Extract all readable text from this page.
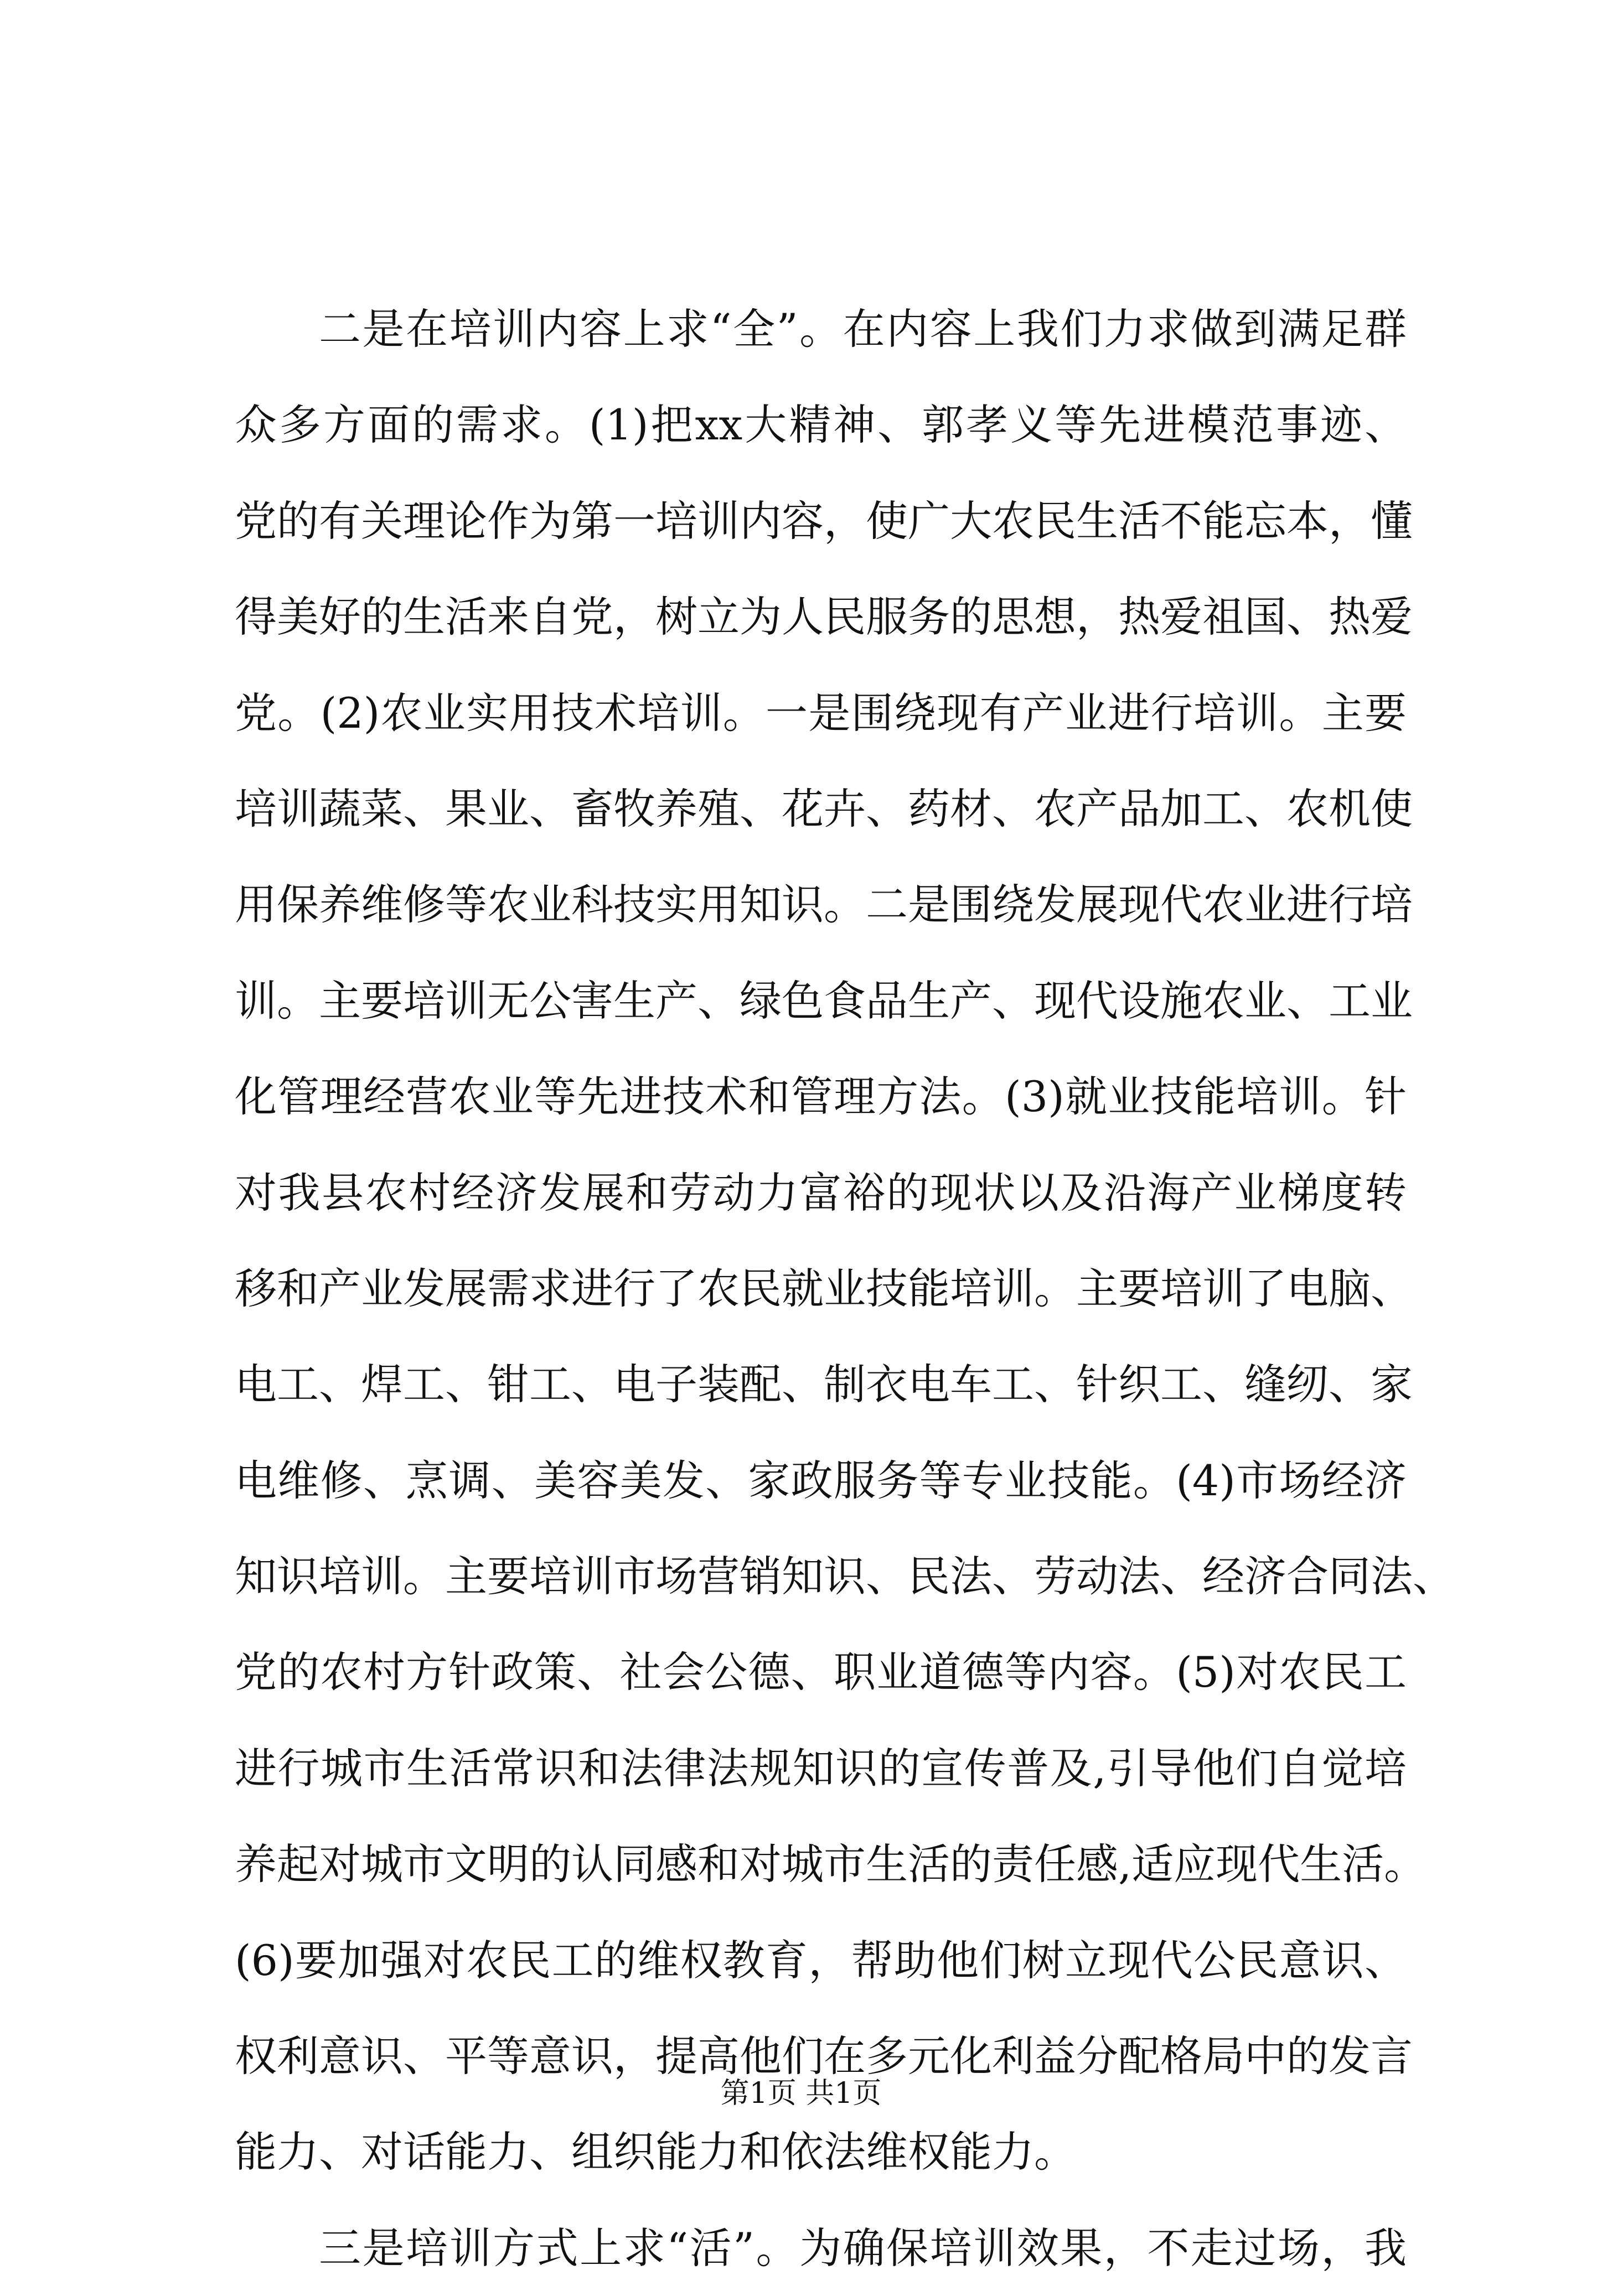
二是在培训内容上求“全”。在内容上我们力求做到满足群
众多方面的需求。(1)把xx大精神、郭孝义等先进模范事迹、
党的有关理论作为第一培训内容，使广大农民生活不能忘本，懂
得美好的生活来自党，树立为人民服务的思想，热爱祖国、热爱
党。(2)农业实用技术培训。一是围绕现有产业进行培训。主要
培训蔬菜、果业、畜牧养殖、花卉、药材、农产品加工、农机使
用保养维修等农业科技实用知识。二是围绕发展现代农业进行培
训。主要培训无公害生产、绿色食品生产、现代设施农业、工业
化管理经营农业等先进技术和管理方法。(3)就业技能培训。针
对我县农村经济发展和劳动力富裕的现状以及沿海产业梯度转
移和产业发展需求进行了农民就业技能培训。主要培训了电脑、
电工、焊工、钳工、电子装配、制衣电车工、针织工、缝纫、家
电维修、烹调、美容美发、家政服务等专业技能。(4)市场经济
知识培训。主要培训市场营销知识、民法、劳动法、经济合同法、
党的农村方针政策、社会公德、职业道德等内容。(5)对农民工
进行城市生活常识和法律法规知识的宣传普及,引导他们自觉培
养起对城市文明的认同感和对城市生活的责任感,适应现代生活。
(6)要加强对农民工的维权教育，帮助他们树立现代公民意识、
权利意识、平等意识，提高他们在多元化利益分配格局中的发言
能力、对话能力、组织能力和依法维权能力。
三是培训方式上求“活”。为确保培训效果，不走过场，我
第1页 共1页
